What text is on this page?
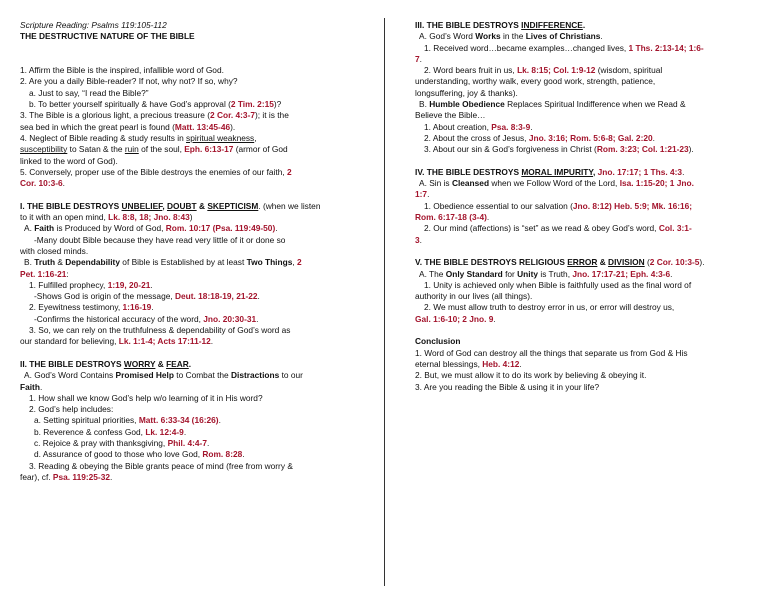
Scripture Reading: Psalms 119:105-112

THE DESTRUCTIVE NATURE OF THE BIBLE

1. Affirm the Bible is the inspired, infallible word of God.

2. Are you a daily Bible-reader? If not, why not? If so, why?

a. Just to say, “I read the Bible?”

b. To better yourself spiritually & have God’s approval (2 Tim. 2:15)?

3. The Bible is a glorious light, a precious treasure (2 Cor. 4:3-7); it is the

sea bed in which the great pearl is found (Matt. 13:45-46).

4. Neglect of Bible reading & study results in spiritual weakness,

susceptibility to Satan & the ruin of the soul, Eph. 6:13-17 (armor of God

linked to the word of God).

5. Conversely, proper use of the Bible destroys the enemies of our faith, 2

Cor. 10:3-6.

I. THE BIBLE DESTROYS UNBELIEF, DOUBT & SKEPTICISM. (when we listen

to it with an open mind, Lk. 8:8, 18; Jno. 8:43)

A. Faith is Produced by Word of God, Rom. 10:17 (Psa. 119:49-50).

-Many doubt Bible because they have read very little of it or done so

with closed minds.

B. Truth & Dependability of Bible is Established by at least Two Things, 2

Pet. 1:16-21:

1. Fulfilled prophecy, 1:19, 20-21.

-Shows God is origin of the message, Deut. 18:18-19, 21-22.

2. Eyewitness testimony, 1:16-19.

-Confirms the historical accuracy of the word, Jno. 20:30-31.

3. So, we can rely on the truthfulness & dependability of God’s word as

our standard for believing, Lk. 1:1-4; Acts 17:11-12.

II. THE BIBLE DESTROYS WORRY & FEAR.

A. God’s Word Contains Promised Help to Combat the Distractions to our

Faith.

1. How shall we know God’s help w/o learning of it in His word?

2. God’s help includes:

a. Setting spiritual priorities, Matt. 6:33-34 (16:26).

b. Reverence & confess God, Lk. 12:4-9.

c. Rejoice & pray with thanksgiving, Phil. 4:4-7.

d. Assurance of good to those who love God, Rom. 8:28.

3. Reading & obeying the Bible grants peace of mind (free from worry &

fear), cf. Psa. 119:25-32.

III. THE BIBLE DESTROYS INDIFFERENCE.

A. God’s Word Works in the Lives of Christians.

1. Received word…became examples…changed lives, 1 Ths. 2:13-14; 1:6-

7.

2. Word bears fruit in us, Lk. 8:15; Col. 1:9-12 (wisdom, spiritual

understanding, worthy walk, every good work, strength, patience,

longsuffering, joy & thanks).

B. Humble Obedience Replaces Spiritual Indifference when we Read &

Believe the Bible…

1. About creation, Psa. 8:3-9.

2. About the cross of Jesus, Jno. 3:16; Rom. 5:6-8; Gal. 2:20.

3. About our sin & God’s forgiveness in Christ (Rom. 3:23; Col. 1:21-23).

IV. THE BIBLE DESTROYS MORAL IMPURITY, Jno. 17:17; 1 Ths. 4:3.

A. Sin is Cleansed when we Follow Word of the Lord, Isa. 1:15-20; 1 Jno.

1:7.

1. Obedience essential to our salvation (Jno. 8:12) Heb. 5:9; Mk. 16:16;

Rom. 6:17-18 (3-4).

2. Our mind (affections) is “set” as we read & obey God’s word, Col. 3:1-

3.

V. THE BIBLE DESTROYS RELIGIOUS ERROR & DIVISION (2 Cor. 10:3-5).

A. The Only Standard for Unity is Truth, Jno. 17:17-21; Eph. 4:3-6.

1. Unity is achieved only when Bible is faithfully used as the final word of

authority in our lives (all things).

2. We must allow truth to destroy error in us, or error will destroy us,

Gal. 1:6-10; 2 Jno. 9.

Conclusion

1. Word of God can destroy all the things that separate us from God & His

eternal blessings, Heb. 4:12.

2. But, we must allow it to do its work by believing & obeying it.

3. Are you reading the Bible & using it in your life?
